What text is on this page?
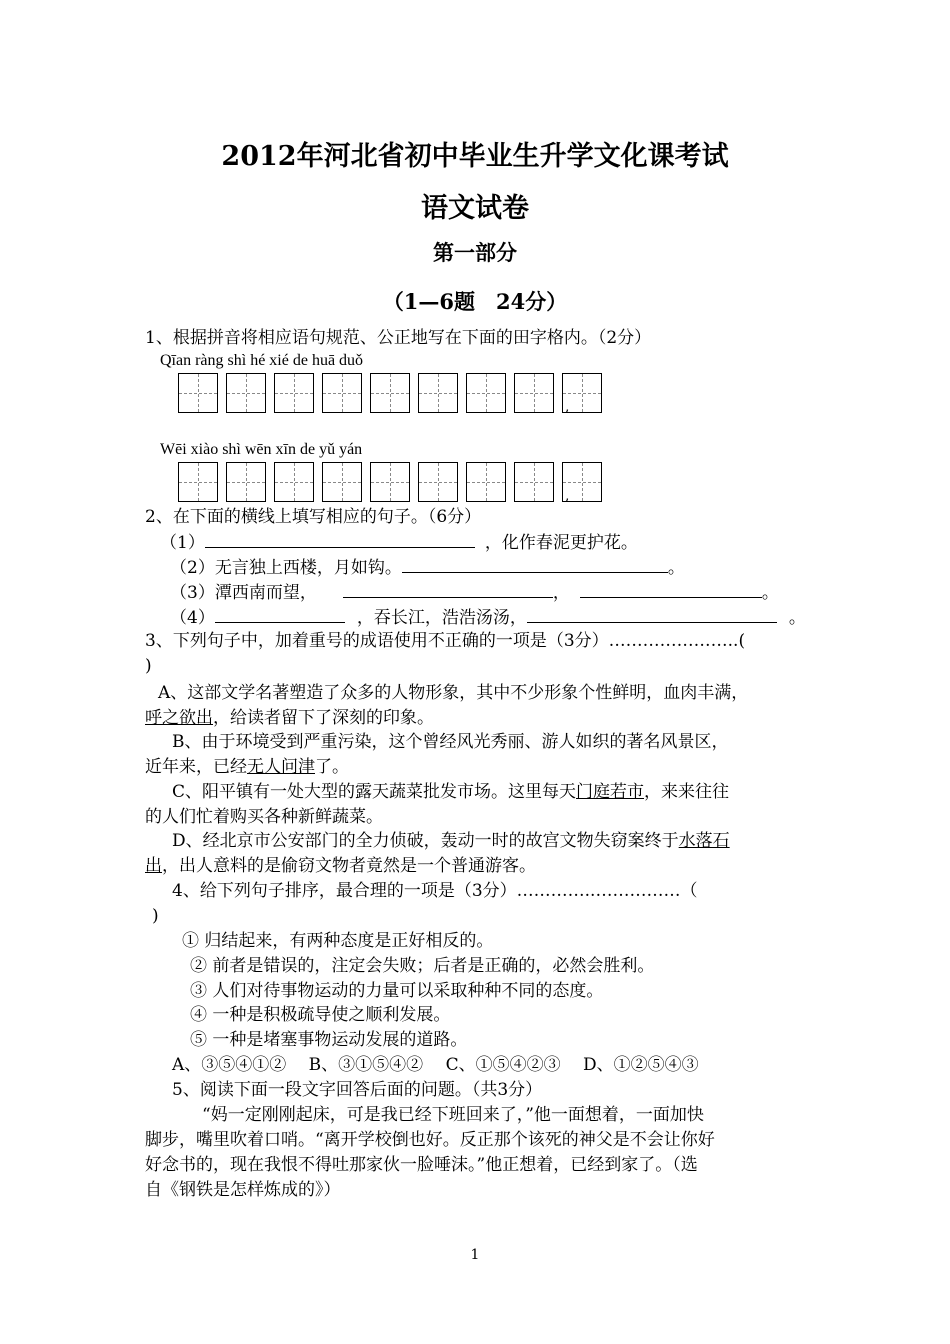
2012年河北省初中毕业生升学文化课考试
语文试卷
第一部分
（1—6题　24分）
1、根据拼音将相应语句规范、公正地写在下面的田字格内。（2分）
Qīan ràng shì hé xié de huā duǒ
,
Wēi xiào shì wēn xīn de yǔ yán
,
2、在下面的横线上填写相应的句子。（6分）
（1）	，化作春泥更护花。
（2）无言独上西楼，月如钩。	。
（3）潭西南而望，	，	。
（4）	，吞长江，浩浩汤汤，	。
3、下列句子中，加着重号的成语使用不正确的一项是（3分）…………………..(
)
A、这部文学名著塑造了众多的人物形象，其中不少形象个性鲜明，血肉丰满，
呼之欲出，给读者留下了深刻的印象。
B、由于环境受到严重污染，这个曾经风光秀丽、游人如织的著名风景区，
近年来，已经无人问津了。
C、阳平镇有一处大型的露天蔬菜批发市场。这里每天门庭若市，来来往往
的人们忙着购买各种新鲜蔬菜。
D、经北京市公安部门的全力侦破，轰动一时的故宫文物失窃案终于水落石
出，出人意料的是偷窃文物者竟然是一个普通游客。
4、给下列句子排序，最合理的一项是（3分）…………..……………（
)
① 归结起来，有两种态度是正好相反的。
② 前者是错误的，注定会失败；后者是正确的，必然会胜利。
③ 人们对待事物运动的力量可以采取种种不同的态度。
④ 一种是积极疏导使之顺利发展。
⑤ 一种是堵塞事物运动发展的道路。
A、③⑤④①②　 B、③①⑤④②　 C、①⑤④②③　 D、①②⑤④③
5、阅读下面一段文字回答后面的问题。（共3分）
“妈一定刚刚起床，可是我已经下班回来了，”他一面想着，一面加快
脚步，嘴里吹着口哨。“离开学校倒也好。反正那个该死的神父是不会让你好
好念书的，现在我恨不得吐那家伙一脸唾沫。”他正想着，已经到家了。（选
自《钢铁是怎样炼成的》）
1
